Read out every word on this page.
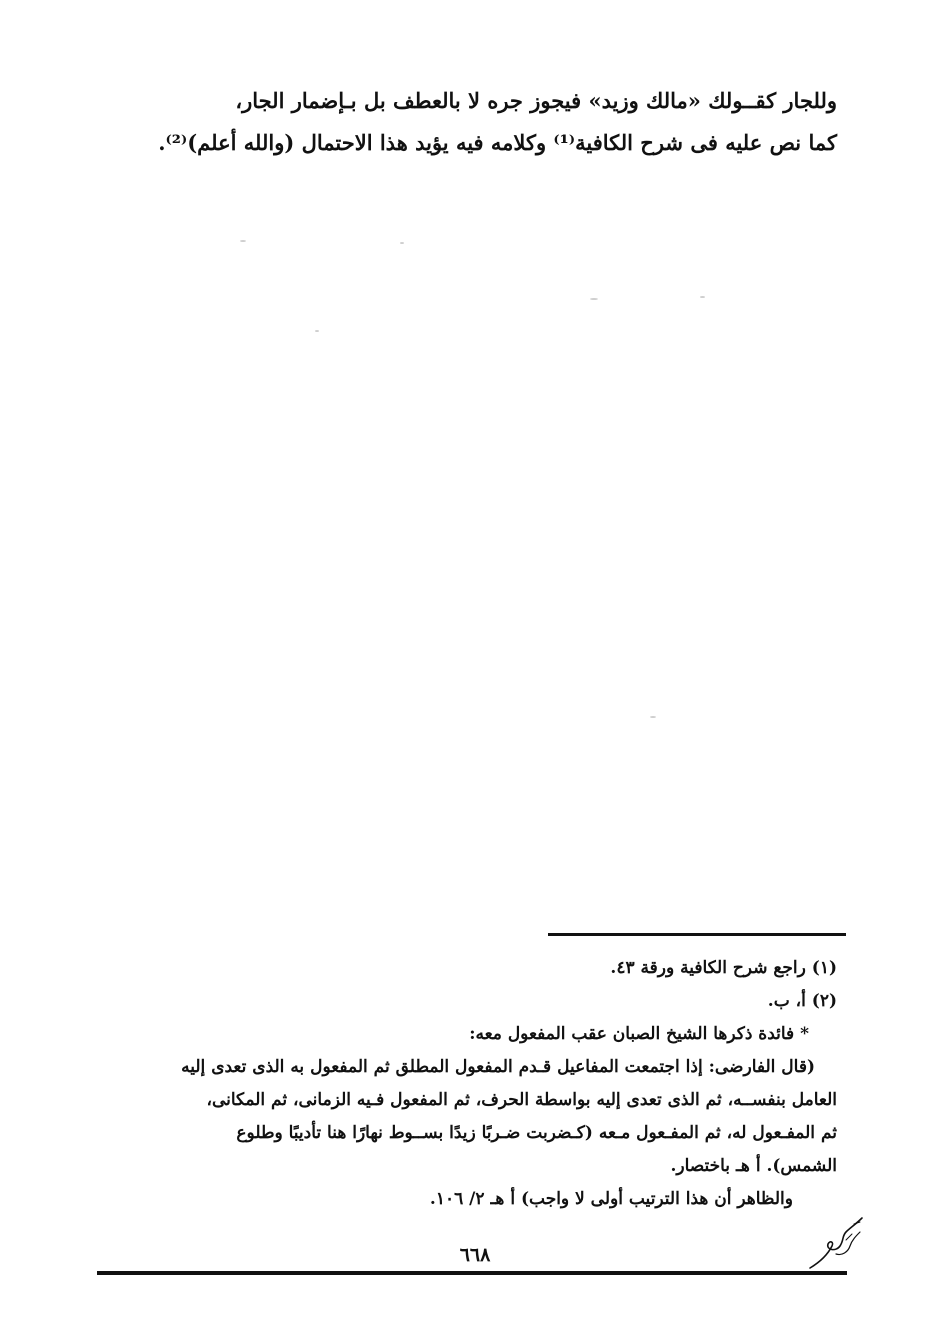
وللجار كقــولك «مالك وزيد» فيجوز جره لا بالعطف بل بـإضمار الجار،
كما نص عليه فى شرح الكافية⁽¹⁾ وكلامه فيه يؤيد هذا الاحتمال (والله أعلم)⁽²⁾.
(١) راجع شرح الكافية ورقة ٤٣.
(٢) أ، ب.
* فائدة ذكرها الشيخ الصبان عقب المفعول معه:
(قال الفارضى: إذا اجتمعت المفاعيل قـدم المفعول المطلق ثم المفعول به الذى تعدى إليه
العامل بنفســه، ثم الذى تعدى إليه بواسطة الحرف، ثم المفعول فـيه الزمانى، ثم المكانى،
ثم المفـعول له، ثم المفـعول مـعه (كـضربت ضـربًا زيدًا بســوط نهارًا هنا تأديبًا وطلوع
الشمس). أ هـ باختصار.
والظاهر أن هذا الترتيب أولى لا واجب) أ هـ ٢/ ١٠٦.
٦٦٨
